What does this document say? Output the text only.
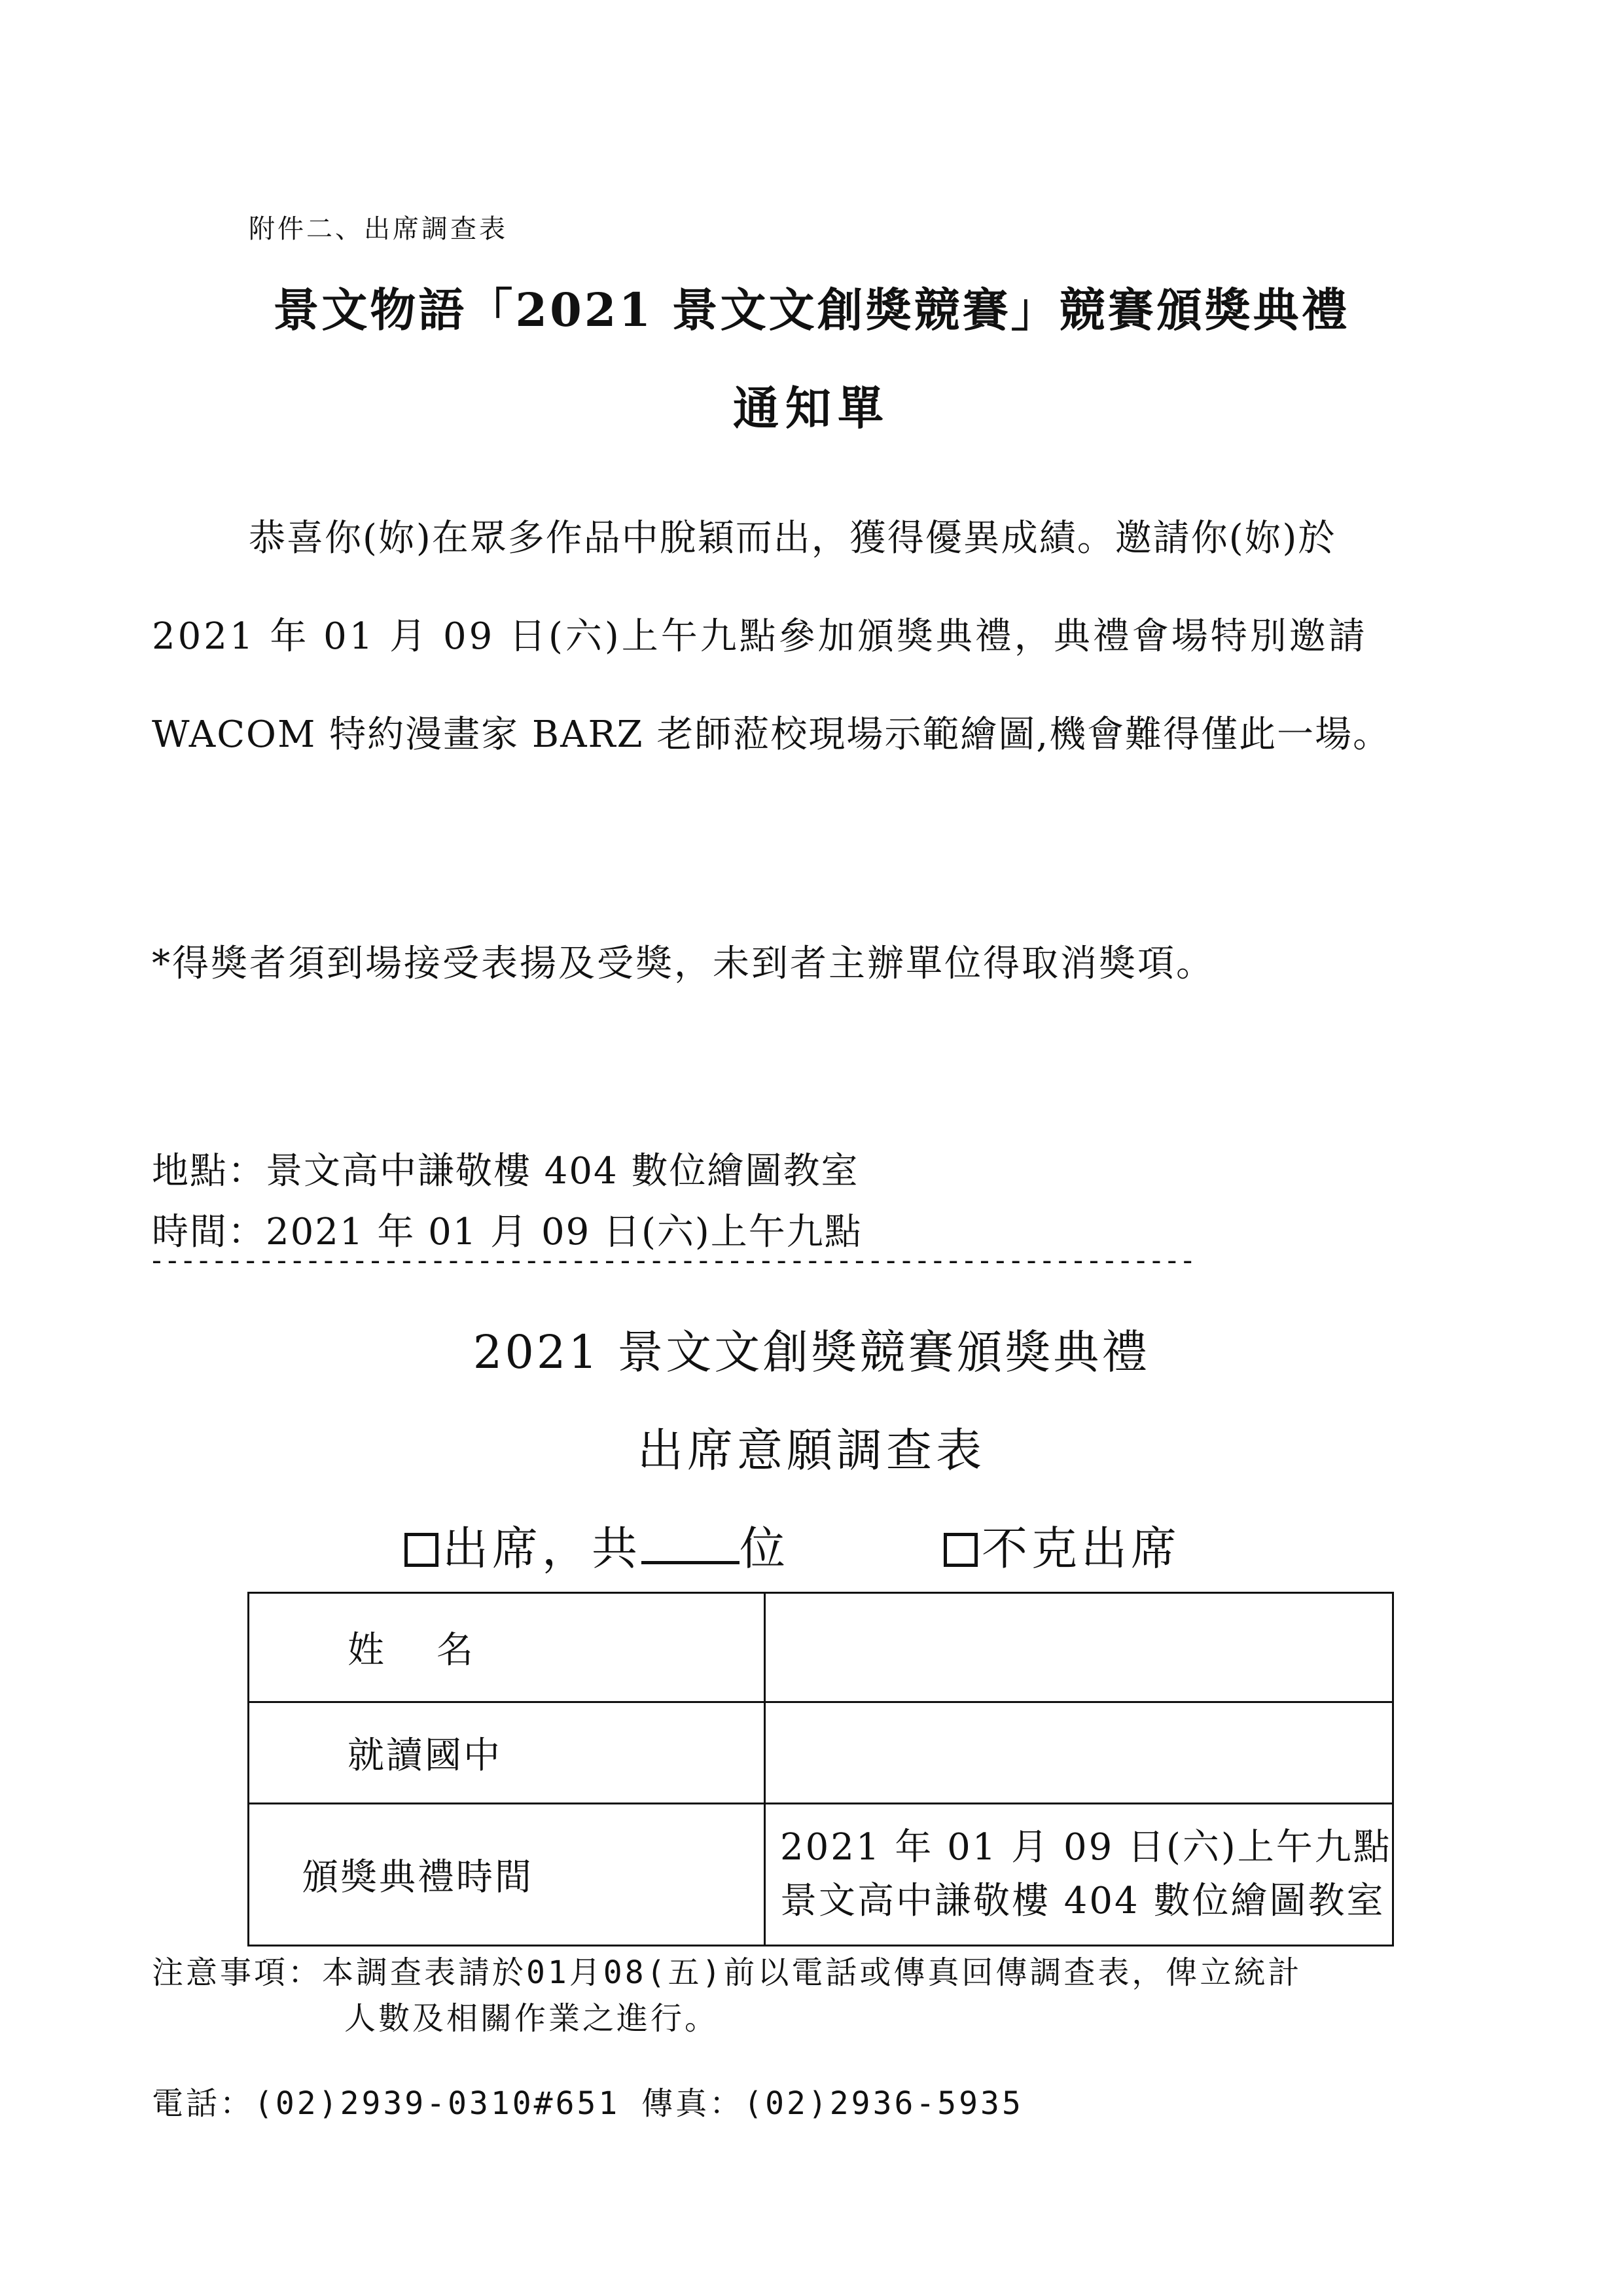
附件二、出席調查表
景文物語「2021 景文文創獎競賽」競賽頒獎典禮
通知單
恭喜你(妳)在眾多作品中脫穎而出，獲得優異成績。邀請你(妳)於
2021 年 01 月 09 日(六)上午九點參加頒獎典禮，典禮會場特別邀請
WACOM 特約漫畫家 BARZ 老師蒞校現場示範繪圖,機會難得僅此一場。
*得獎者須到場接受表揚及受獎，未到者主辦單位得取消獎項。
地點：景文高中謙敬樓 404 數位繪圖教室
時間：2021 年 01 月 09 日(六)上午九點
-------------------------------------------------------------------
2021 景文文創獎競賽頒獎典禮
出席意願調查表
出席，共 位	不克出席
姓名	
就讀國中	
頒獎典禮時間	2021 年 01 月 09 日(六)上午九點
景文高中謙敬樓 404 數位繪圖教室
注意事項：本調查表請於01月08(五)前以電話或傳真回傳調查表，俾立統計
人數及相關作業之進行。
電話：(02)2939-0310#651 傳真：(02)2936-5935
